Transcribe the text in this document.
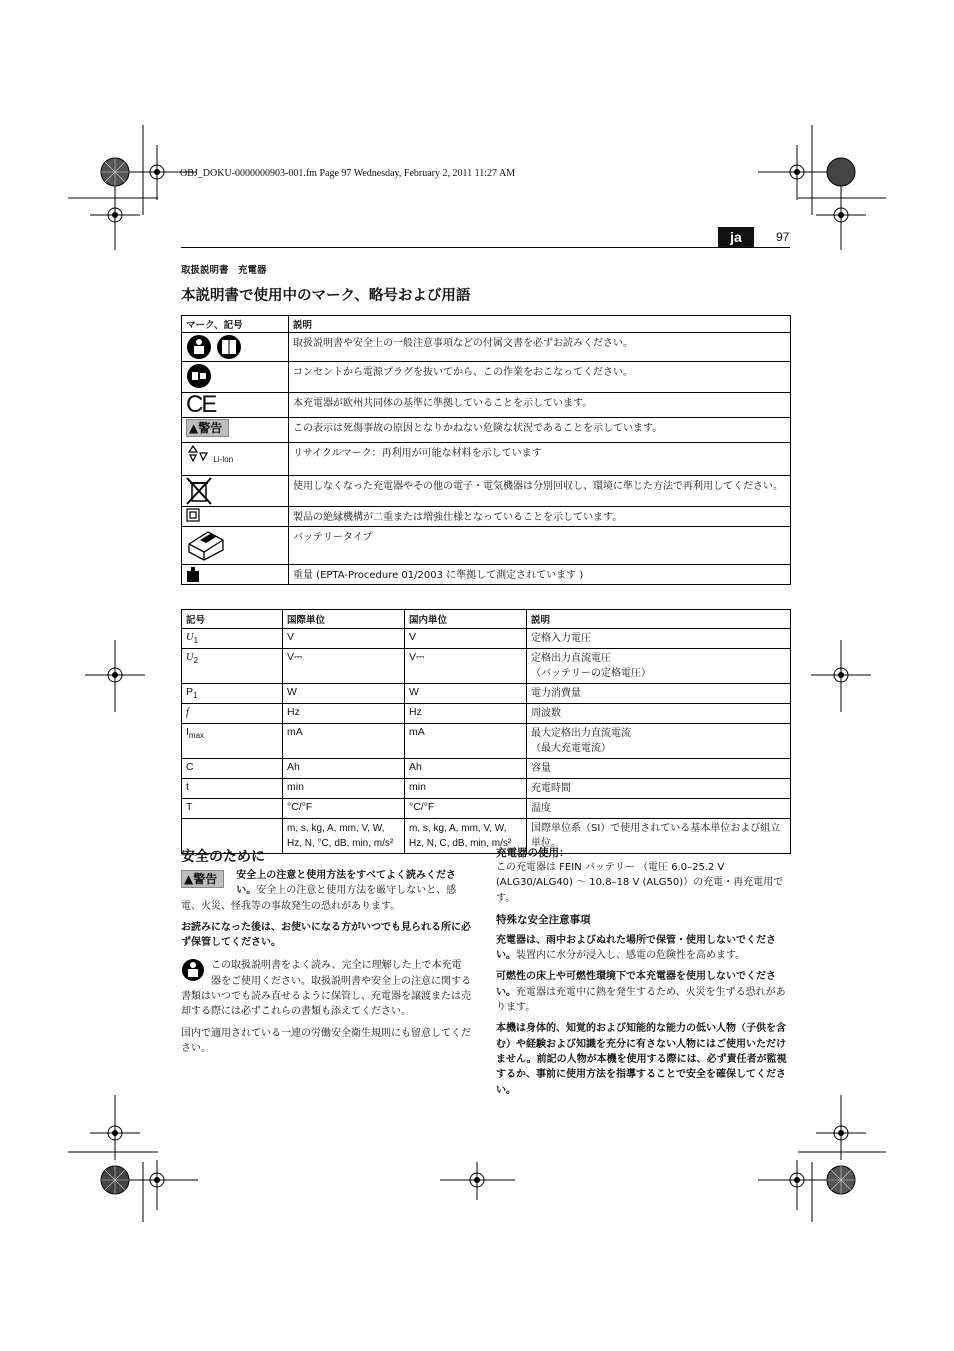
OBJ_DOKU-0000000903-001.fm Page 97 Wednesday, February 2, 2011 11:27 AM
ja	97
取扱説明書　充電器
本説明書で使用中のマーク、略号および用語
マーク、記号	説明

	取扱説明書や安全上の一般注意事項などの付属文書を必ずお読みください。

	コンセントから電源プラグを抜いてから、この作業をおこなってください。
CE	本充電器が欧州共同体の基準に準拠していることを示しています。
▲警告	この表示は死傷事故の原因となりかねない危険な状況であることを示しています。
Li-Ion	リサイクルマーク：再利用が可能な材料を示しています

	使用しなくなった充電器やその他の電子・電気機器は分別回収し、環境に準じた方法で再利用してください。

	製品の絶縁機構が二重または増強仕様となっていることを示しています。

	バッテリータイプ

	重量 (EPTA-Procedure 01/2003 に準拠して測定されています )
記号	国際単位	国内単位	説明
$U_1$	V	V	定格入力電圧

$U_2$	V⎓	V⎓	定格出力直流電圧
（バッテリーの定格電圧）

$P_1$	W	W	電力消費量

f	Hz	Hz	周波数

$I_{max}$	mA	mA	最大定格出力直流電流
（最大充電電流）

C	Ah	Ah	容量

t	min	min	充電時間

T	°C/°F	°C/°F	温度

	m, s, kg, A, mm, V, W, Hz, N, °C, dB, min, m/s²	m, s, kg, A, mm, V, W, Hz, N, C, dB, min, m/s²	国際単位系（SI）で使用されている基本単位および組立単位。
安全のために

▲警告	安全上の注意と使用方法をすべてよく読みください。安全上の注意と使用方法を厳守しないと、感電、火災、怪我等の事故発生の恐れがあります。

お読みになった後は、お使いになる方がいつでも見られる所に必ず保管してください。

この取扱説明書をよく読み、完全に理解した上で本充電器をご使用ください。取扱説明書や安全上の注意に関する書類はいつでも読み直せるように保管し、充電器を譲渡または売却する際には必ずこれらの書類も添えてください。

国内で適用されている一連の労働安全衛生規則にも留意してください。

充電器の使用：

この充電器は FEIN バッテリー （電圧 6.0–25.2 V (ALG30/ALG40) ～ 10.8–18 V (ALG50)）の充電・再充電用です。

特殊な安全注意事項

充電器は、雨中およびぬれた場所で保管・使用しないでください。装置内に水分が浸入し、感電の危険性を高めます。

可燃性の床上や可燃性環境下で本充電器を使用しないでください。充電器は充電中に熱を発生するため、火災を生ずる恐れがあります。

本機は身体的、知覚的および知能的な能力の低い人物（子供を含む）や経験および知識を充分に有さない人物にはご使用いただけません。前記の人物が本機を使用する際には、必ず責任者が監視するか、事前に使用方法を指導することで安全を確保してください。
